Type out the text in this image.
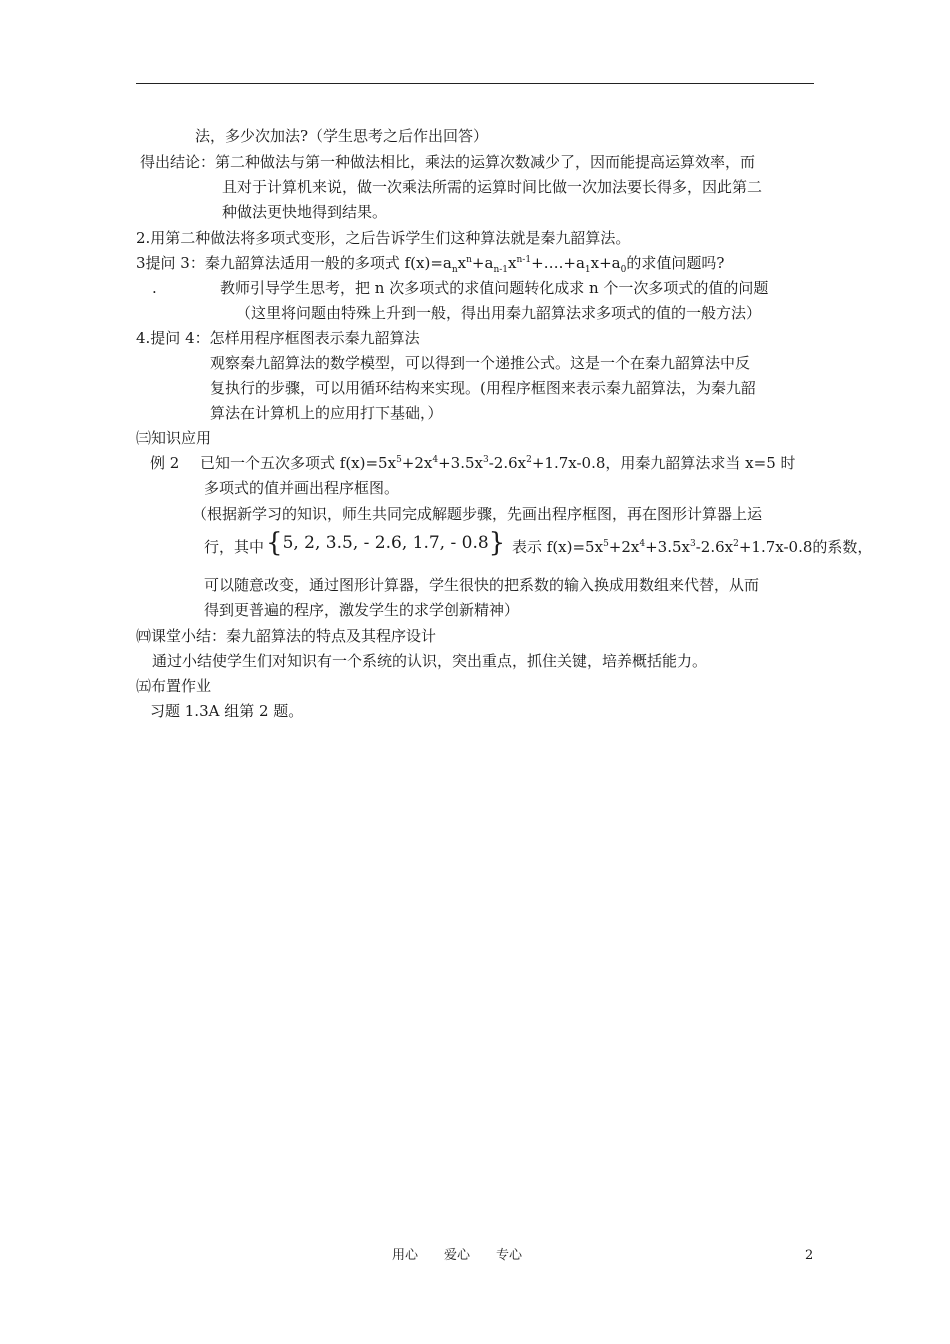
法，多少次加法?（学生思考之后作出回答）
得出结论：第二种做法与第一种做法相比，乘法的运算次数减少了，因而能提高运算效率，而
且对于计算机来说，做一次乘法所需的运算时间比做一次加法要长得多，因此第二
种做法更快地得到结果。
2.用第二种做法将多项式变形，之后告诉学生们这种算法就是秦九韶算法。
3提问 3：秦九韶算法适用一般的多项式 $f(x)=a_nx^n+a_{n-1}x^{n-1}+\dots.+a_1x+a_0$的求值问题吗?
.	教师引导学生思考，把 n 次多项式的求值问题转化成求 n 个一次多项式的值的问题
（这里将问题由特殊上升到一般，得出用秦九韶算法求多项式的值的一般方法）
4.提问 4：怎样用程序框图表示秦九韶算法
观察秦九韶算法的数学模型，可以得到一个递推公式。这是一个在秦九韶算法中反
复执行的步骤，可以用循环结构来实现。(用程序框图来表示秦九韶算法，为秦九韶
算法在计算机上的应用打下基础，）
㈢知识应用
例 2 已知一个五次多项式 $f(x)=5x^5+2x^4+3.5x^3-2.6x^2+1.7x-0.8$，用秦九韶算法求当 x=5 时
多项式的值并画出程序框图。
（根据新学习的知识，师生共同完成解题步骤，先画出程序框图，再在图形计算器上运
行，其中{5, 2, 3.5, - 2.6, 1.7, - 0.8} 表示 $f(x)=5x^5+2x^4+3.5x^3-2.6x^2+1.7x-0.8$的系数，
可以随意改变，通过图形计算器，学生很快的把系数的输入换成用数组来代替，从而
得到更普遍的程序，激发学生的求学创新精神）
㈣课堂小结：秦九韶算法的特点及其程序设计
通过小结使学生们对知识有一个系统的认识，突出重点，抓住关键，培养概括能力。
㈤布置作业
习题 1.3A 组第 2 题。
用心　　爱心　　专心	2
